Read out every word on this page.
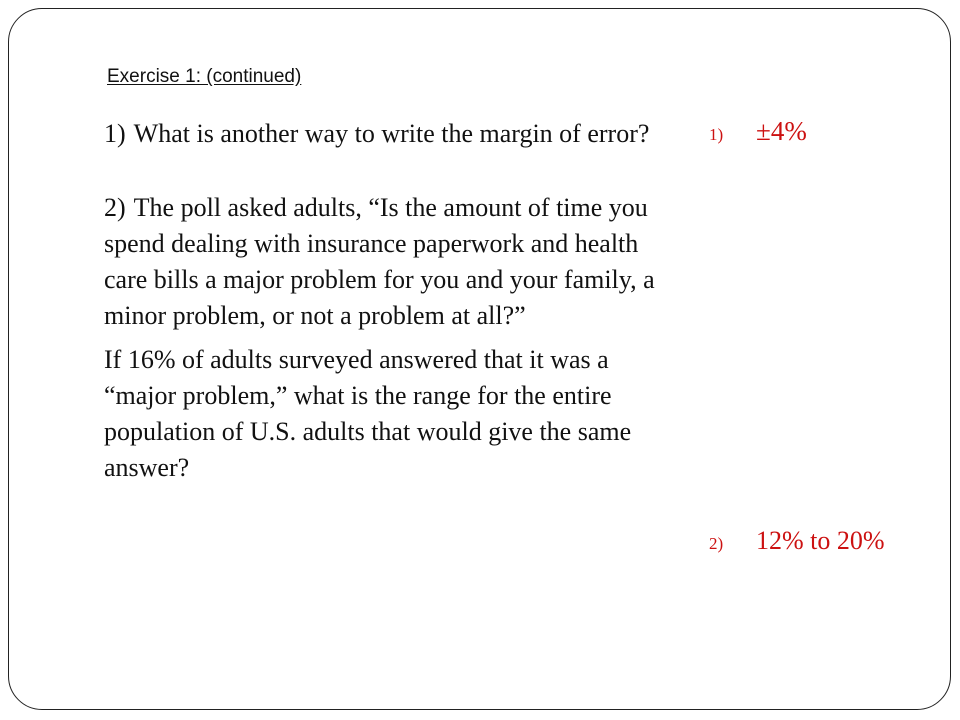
Exercise 1: (continued)

1) What is another way to write the margin of error?

2) The poll asked adults, “Is the amount of time you spend dealing with insurance paperwork and health care bills a major problem for you and your family, a minor problem, or not a problem at all?”

If 16% of adults surveyed answered that it was a “major problem,” what is the range for the entire population of U.S. adults that would give the same answer?

1) ±4%
2) 12% to 20%
